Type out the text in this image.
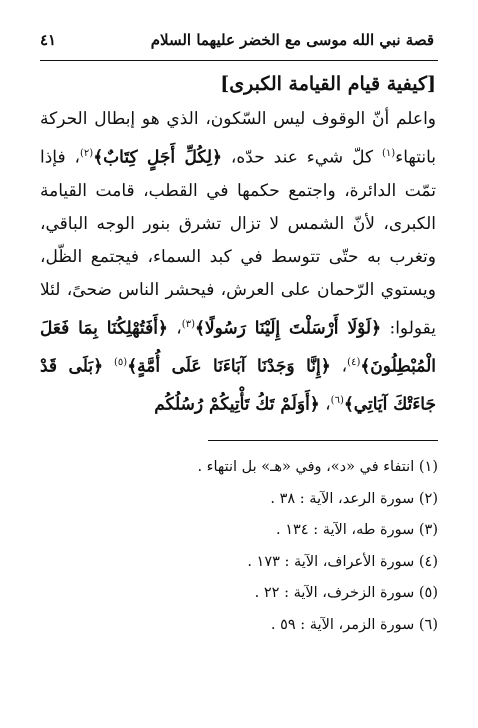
قصة نبي الله موسى مع الخضر عليهما السلام
٤١
[كيفية قيام القيامة الكبرى]

واعلم أنّ الوقوف ليس السّكون، الذي هو إبطال الحركة بانتهاء$^{(١)}$ كلّ شيء عند حدّه، ﴿لِكُلِّ أَجَلٍ كِتَابٌ﴾$^{(٢)}$، فإذا تمّت الدائرة، واجتمع حكمها في القطب، قامت القيامة الكبرى، لأنّ الشمس لا تزال تشرق بنور الوجه الباقي، وتغرب به حتّى تتوسط في كبد السماء، فيجتمع الظّل، ويستوي الرّحمان على العرش، فيحشر الناس ضحىً، لئلا يقولوا: ﴿لَوْلَا أَرْسَلْتَ إِلَيْنَا رَسُولًا﴾$^{(٣)}$، ﴿أَفَتُهْلِكُنَا بِمَا فَعَلَ الْمُبْطِلُونَ﴾$^{(٤)}$، ﴿إِنَّا وَجَدْنَا آبَاءَنَا عَلَى أُمَّةٍ﴾$^{(٥)}$ ﴿بَلَى قَدْ جَاءَتْكَ آيَاتِي﴾$^{(٦)}$، ﴿أَوَلَمْ تَكُ تَأْتِيكُمْ رُسُلُكُم

(١) انتفاء في «د»، وفي «هـ» بل انتهاء .
(٢) سورة الرعد، الآية : ٣٨ .
(٣) سورة طه، الآية : ١٣٤ .
(٤) سورة الأعراف، الآية : ١٧٣ .
(٥) سورة الزخرف، الآية : ٢٢ .
(٦) سورة الزمر، الآية : ٥٩ .
